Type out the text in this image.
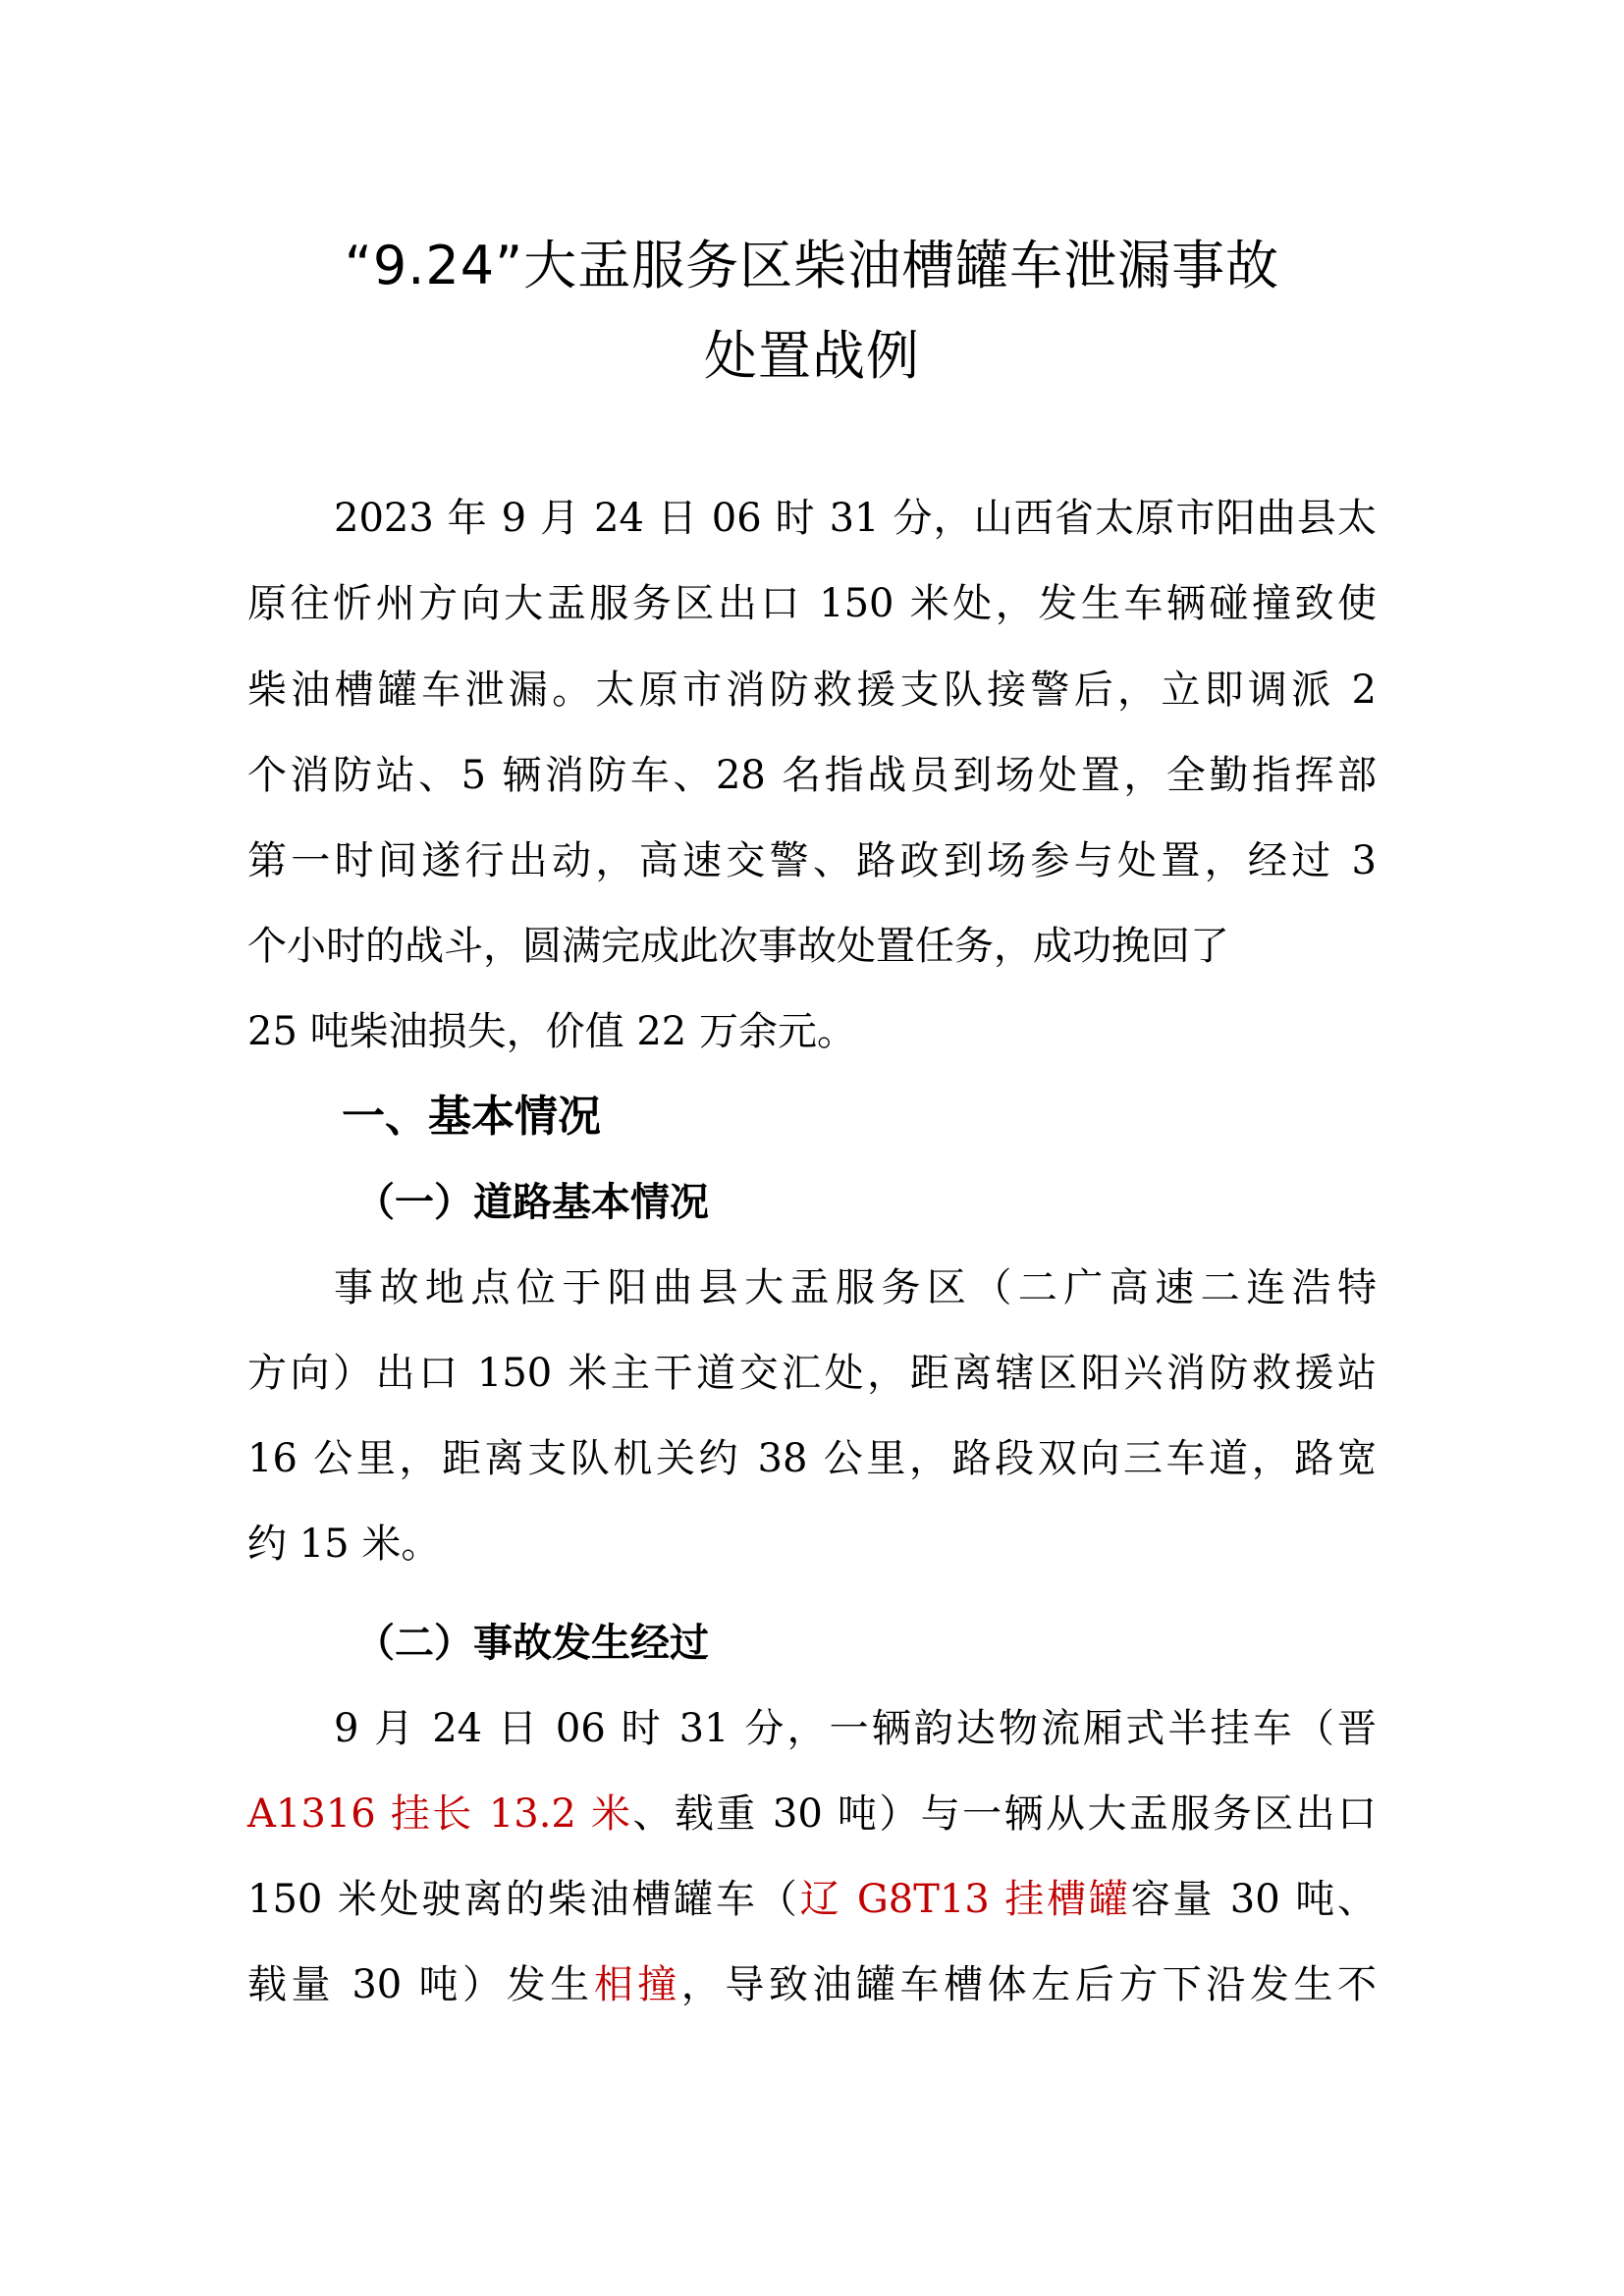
“9.24”大盂服务区柴油槽罐车泄漏事故
处置战例
2023 年 9 月 24 日 06 时 31 分，山西省太原市阳曲县太
原往忻州方向大盂服务区出口 150 米处，发生车辆碰撞致使
柴油槽罐车泄漏。太原市消防救援支队接警后，立即调派 2
个消防站、5 辆消防车、28 名指战员到场处置，全勤指挥部
第一时间遂行出动，高速交警、路政到场参与处置，经过 3
个小时的战斗，圆满完成此次事故处置任务，成功挽回了
25 吨柴油损失，价值 22 万余元。
一、基本情况
（一）道路基本情况
事故地点位于阳曲县大盂服务区（二广高速二连浩特
方向）出口 150 米主干道交汇处，距离辖区阳兴消防救援站
16 公里，距离支队机关约 38 公里，路段双向三车道，路宽
约 15 米。
（二）事故发生经过
9 月 24 日 06 时 31 分，一辆韵达物流厢式半挂车（晋
A1316 挂长 13.2 米、载重 30 吨）与一辆从大盂服务区出口
150 米处驶离的柴油槽罐车（辽 G8T13 挂槽罐容量 30 吨、
载量 30 吨）发生相撞，导致油罐车槽体左后方下沿发生不
